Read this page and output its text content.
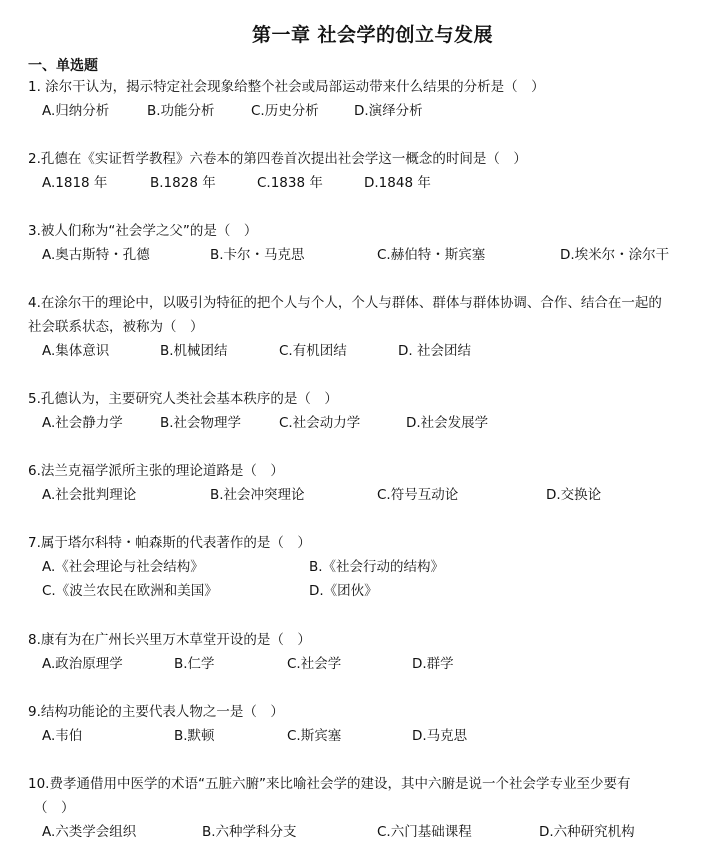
第一章 社会学的创立与发展
一、单选题
1. 涂尔干认为，揭示特定社会现象给整个社会或局部运动带来什么结果的分析是（　）
A.归纳分析	B.功能分析	C.历史分析	D.演绎分析
2.孔德在《实证哲学教程》六卷本的第四卷首次提出社会学这一概念的时间是（　）
A.1818 年	B.1828 年	C.1838 年	D.1848 年
3.被人们称为“社会学之父”的是（　）
A.奥古斯特・孔德	B.卡尔・马克思	C.赫伯特・斯宾塞	D.埃米尔・涂尔干
4.在涂尔干的理论中，以吸引为特征的把个人与个人，个人与群体、群体与群体协调、合作、结合在一起的
社会联系状态，被称为（　）
A.集体意识	B.机械团结	C.有机团结	D. 社会团结
5.孔德认为，主要研究人类社会基本秩序的是（　）
A.社会静力学	B.社会物理学	C.社会动力学	D.社会发展学
6.法兰克福学派所主张的理论道路是（　）
A.社会批判理论	B.社会冲突理论	C.符号互动论	D.交换论
7.属于塔尔科特・帕森斯的代表著作的是（　）
A.《社会理论与社会结构》	B.《社会行动的结构》
C.《波兰农民在欧洲和美国》	D.《团伙》
8.康有为在广州长兴里万木草堂开设的是（　）
A.政治原理学	B.仁学	C.社会学	D.群学
9.结构功能论的主要代表人物之一是（　）
A.韦伯	B.默顿	C.斯宾塞	D.马克思
10.费孝通借用中医学的术语“五脏六腑”来比喻社会学的建设，其中六腑是说一个社会学专业至少要有
（　）
A.六类学会组织	B.六种学科分支	C.六门基础课程	D.六种研究机构
